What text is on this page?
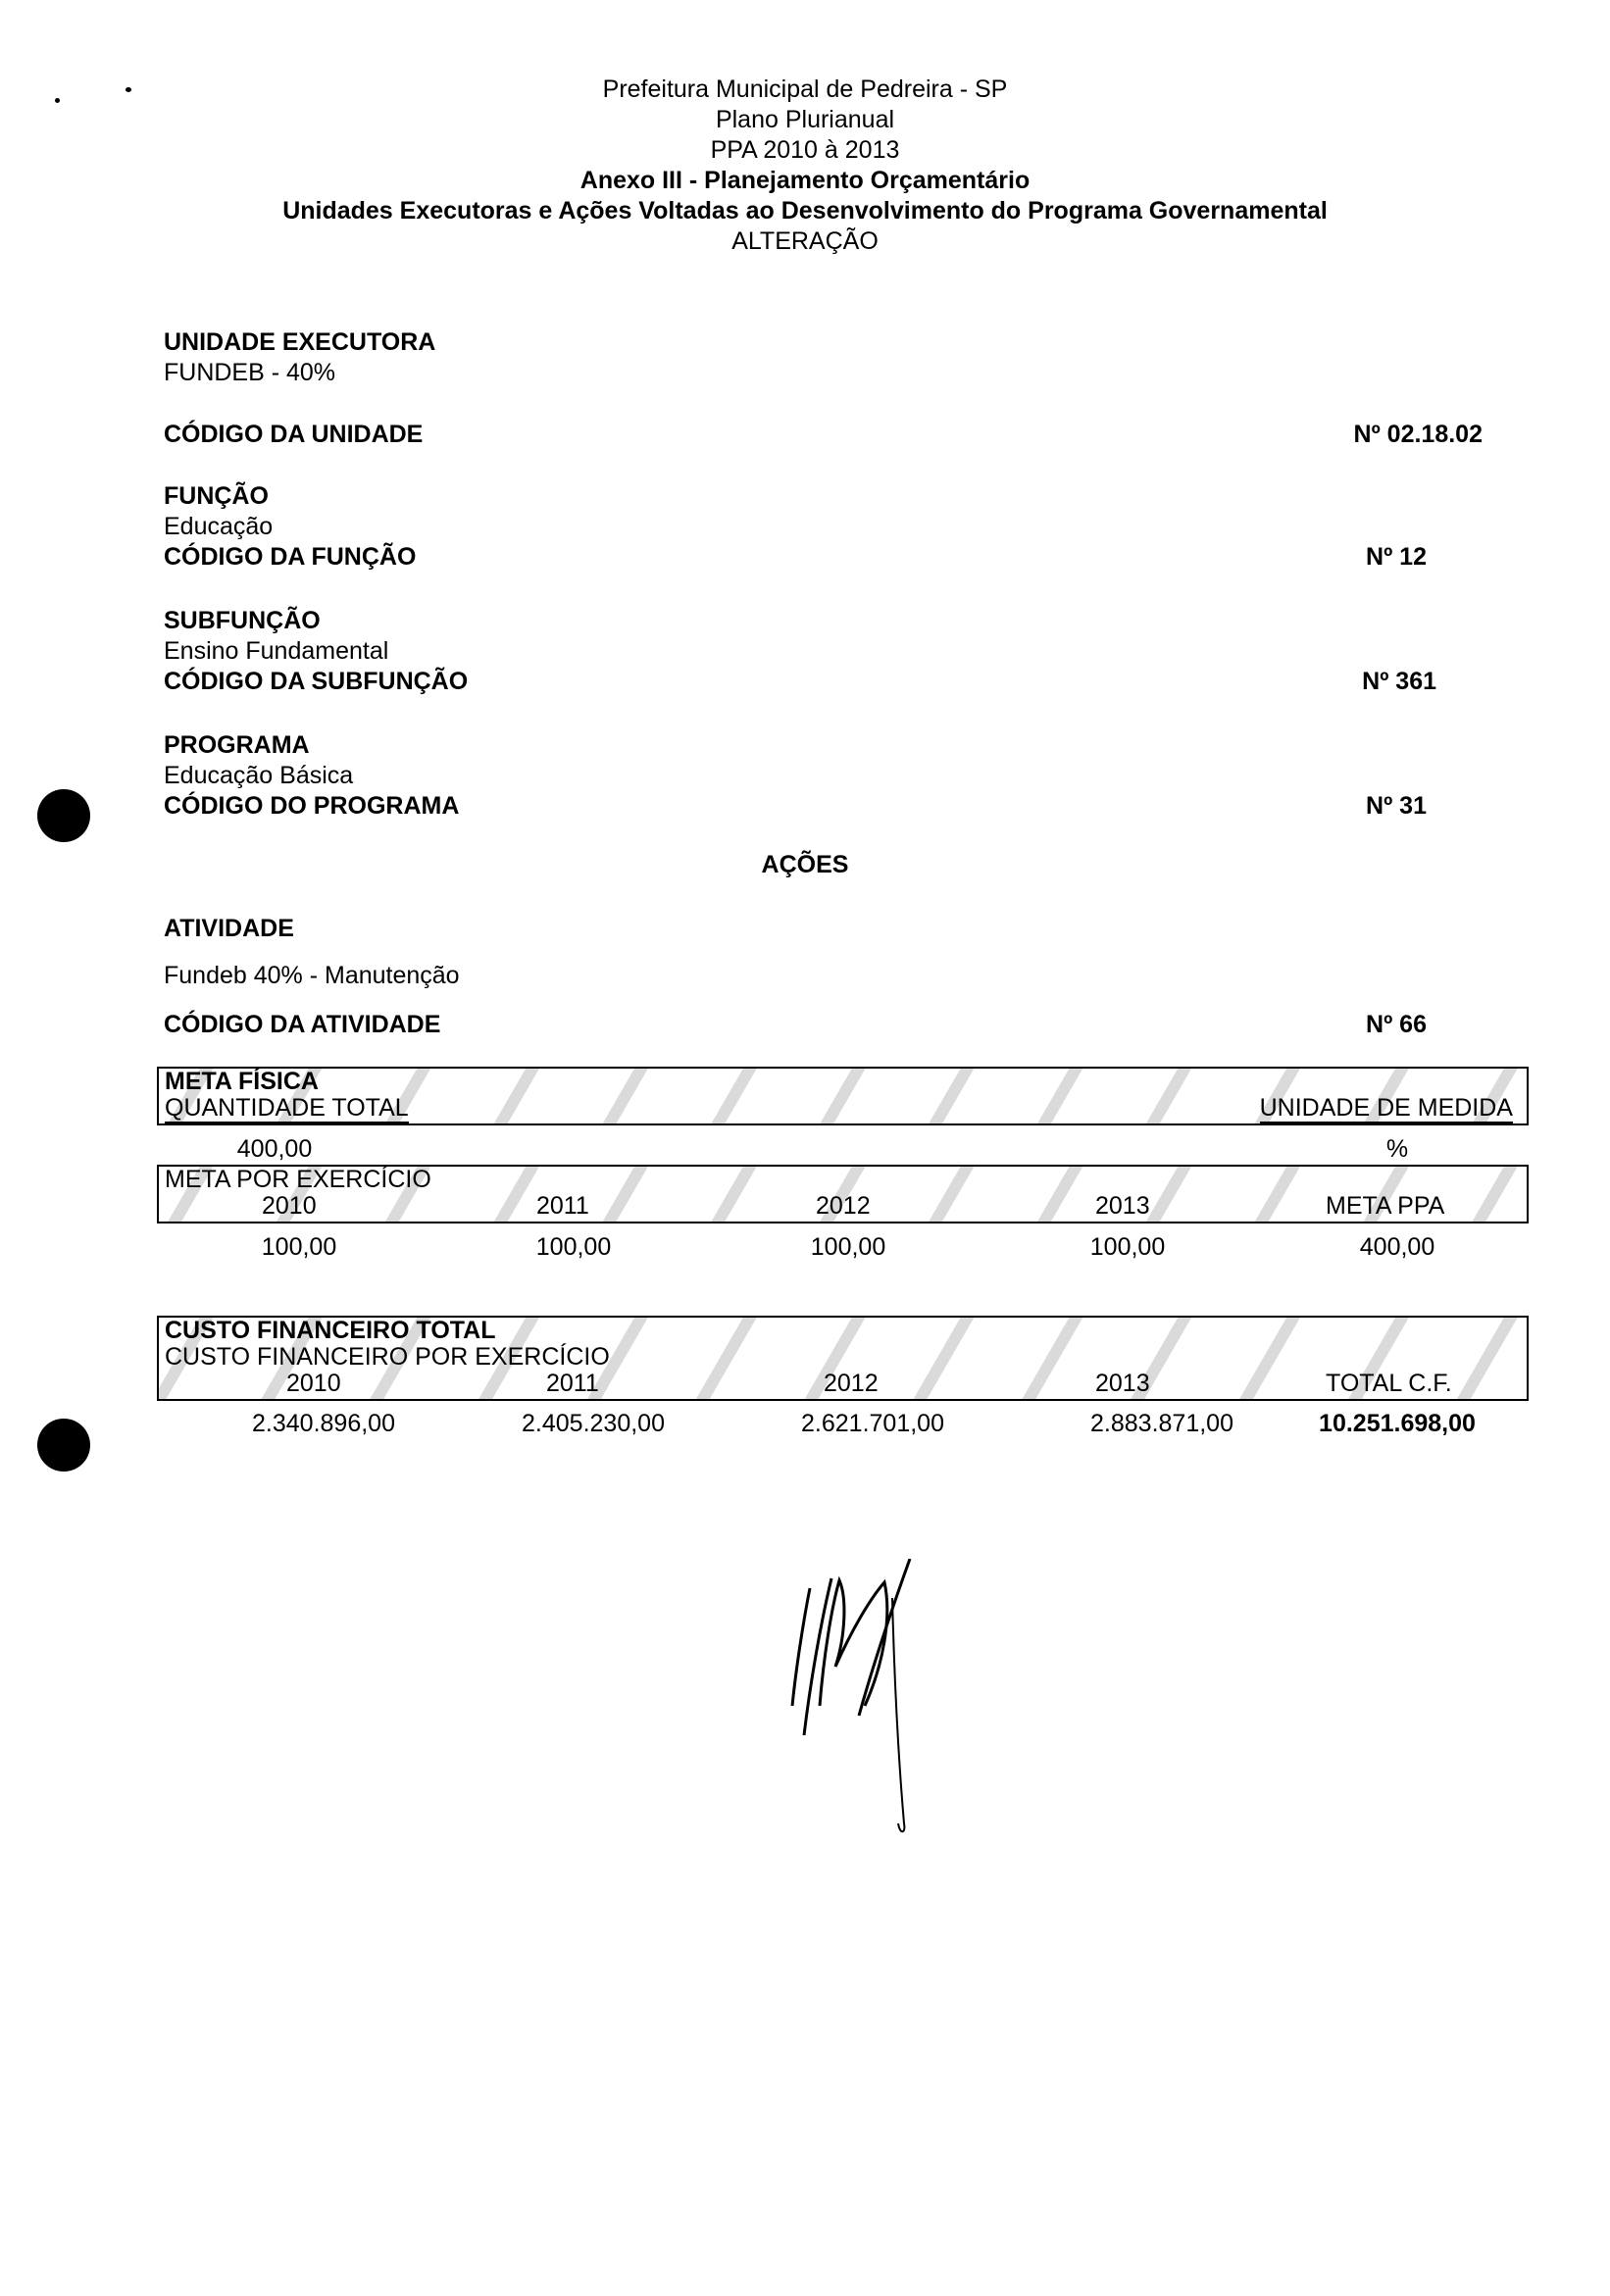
Prefeitura Municipal de Pedreira - SP
Plano Plurianual
PPA 2010 à 2013
Anexo III - Planejamento Orçamentário
Unidades Executoras e Ações Voltadas ao Desenvolvimento do Programa Governamental
ALTERAÇÃO
UNIDADE EXECUTORA
FUNDEB - 40%
CÓDIGO DA UNIDADE	Nº 02.18.02
FUNÇÃO
Educação
CÓDIGO DA FUNÇÃO	Nº 12
SUBFUNÇÃO
Ensino Fundamental
CÓDIGO DA SUBFUNÇÃO	Nº 361
PROGRAMA
Educação Básica
CÓDIGO DO PROGRAMA	Nº 31
AÇÕES
ATIVIDADE
Fundeb 40% - Manutenção
CÓDIGO DA ATIVIDADE	Nº 66
META FÍSICA
QUANTIDADE TOTAL	UNIDADE DE MEDIDA
400,00	%
META POR EXERCÍCIO
2010	2011	2012	2013	META PPA
100,00	100,00	100,00	100,00	400,00
CUSTO FINANCEIRO TOTAL
CUSTO FINANCEIRO POR EXERCÍCIO
2010	2011	2012	2013	TOTAL C.F.
2.340.896,00	2.405.230,00	2.621.701,00	2.883.871,00	10.251.698,00
